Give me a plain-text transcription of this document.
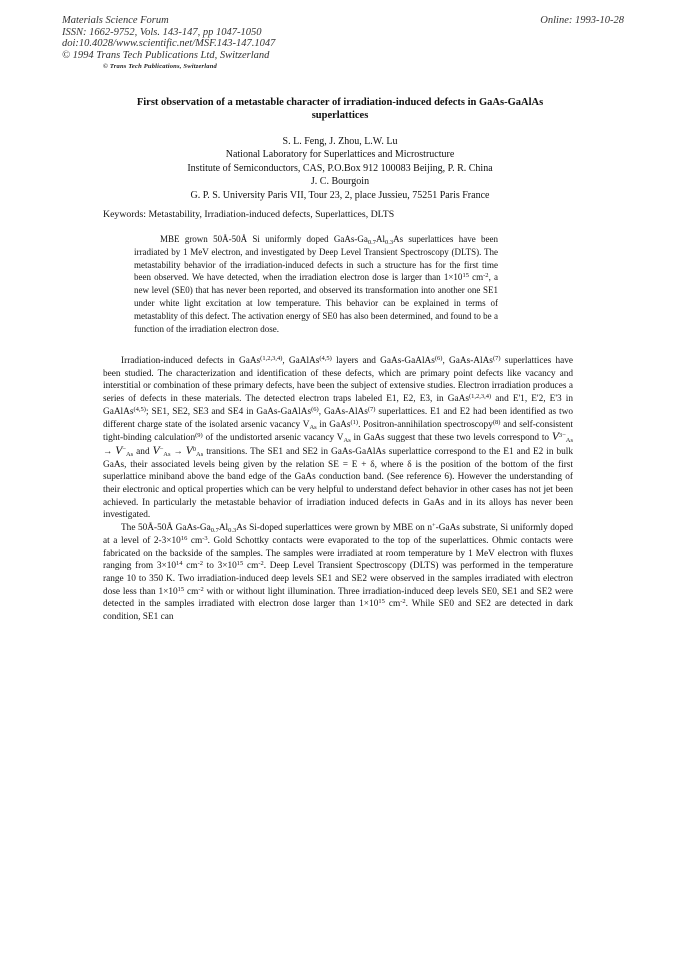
Materials Science Forum
ISSN: 1662-9752, Vols. 143-147, pp 1047-1050
doi:10.4028/www.scientific.net/MSF.143-147.1047
© 1994 Trans Tech Publications Ltd, Switzerland
Online: 1993-10-28
© Trans Tech Publications, Switzerland
First observation of a metastable character of irradiation-induced defects in GaAs-GaAlAs
superlattices
S. L. Feng, J. Zhou, L.W. Lu
National Laboratory for Superlattices and Microstructure
Institute of Semiconductors, CAS, P.O.Box 912 100083 Beijing, P. R. China
J. C. Bourgoin
G. P. S. University Paris VII, Tour 23, 2, place Jussieu, 75251 Paris France
Keywords: Metastability, Irradiation-induced defects, Superlattices, DLTS

MBE grown 50Å-50Å Si uniformly doped GaAs-$Ga_{0.7}Al_{0.3}As$ superlattices have been irradiated by 1 MeV electron, and investigated by Deep Level Transient Spectroscopy (DLTS). The metastability behavior of the irradiation-induced defects in such a structure has for the first time been observed. We have detected, when the irradiation electron dose is larger than $1\times 10^{15}$ $cm^{-2}$, a new level (SE0) that has never been reported, and observed its transformation into another one SE1 under white light excitation at low temperature. This behavior can be explained in terms of metastablity of this defect. The activation energy of SE0 has also been determined, and found to be a function of the irradiation electron dose.

Irradiation-induced defects in GaAs$^{(1,2,3,4)}$, GaAlAs$^{(4,5)}$ layers and GaAs-GaAlAs$^{(6)}$, GaAs-AlAs$^{(7)}$ superlattices have been studied. The characterization and identification of these defects, which are primary point defects like vacancy and interstitial or combination of these primary defects, have been the subject of extensive studies. Electron irradiation produces a series of defects in these materials. The detected electron traps labeled E1, E2, E3, in GaAs$^{(1,2,3,4)}$ and E'1, E'2, E'3 in GaAlAs$^{(4,5)}$; SE1, SE2, SE3 and SE4 in GaAs-GaAlAs$^{(6)}$, GaAs-AlAs$^{(7)}$ superlattices. E1 and E2 had been identified as two different charge state of the isolated arsenic vacancy $V_{As}$ in GaAs$^{(1)}$. Positron-annihilation spectroscopy$^{(8)}$ and self-consistent tight-binding calculation$^{(9)}$ of the undistorted arsenic vacancy $V_{As}$ in GaAs suggest that these two levels correspond to $V^{3-}_{As} \to V^-_{As}$ and $V^-_{As} \to V^0_{As}$ transitions. The SE1 and SE2 in GaAs-GaAlAs superlattice correspond to the E1 and E2 in bulk GaAs, their associated levels being given by the relation SE = E + δ, where δ is the position of the bottom of the first superlattice miniband above the band edge of the GaAs conduction band. (See reference 6). However the understanding of their electronic and optical properties which can be very helpful to understand defect behavior in other cases has not jet been achieved. In particularly the metastable behavior of irradiation induced defects in GaAs and in its alloys has never been investigated.

The 50Å-50Å GaAs-$Ga_{0.7}Al_{0.3}As$ Si-doped superlattices were grown by MBE on n+-GaAs substrate, Si uniformly doped at a level of $2-3\times 10^{16}$ $cm^{-3}$. Gold Schottky contacts were evaporated to the top of the superlattices. Ohmic contacts were fabricated on the backside of the samples. The samples were irradiated at room temperature by 1 MeV electron with fluxes ranging from $3\times 10^{14}$ $cm^{-2}$ to $3\times 10^{15}$ $cm^{-2}$. Deep Level Transient Spectroscopy (DLTS) was performed in the temperature range 10 to 350 K. Two irradiation-induced deep levels SE1 and SE2 were observed in the samples irradiated with electron dose less than $1\times 10^{15}$ $cm^{-2}$ with or without light illumination. Three irradiation-induced deep levels SE0, SE1 and SE2 were detected in the samples irradiated with electron dose larger than $1\times 10^{15}$ $cm^{-2}$. While SE0 and SE2 are detected in dark condition, SE1 can
